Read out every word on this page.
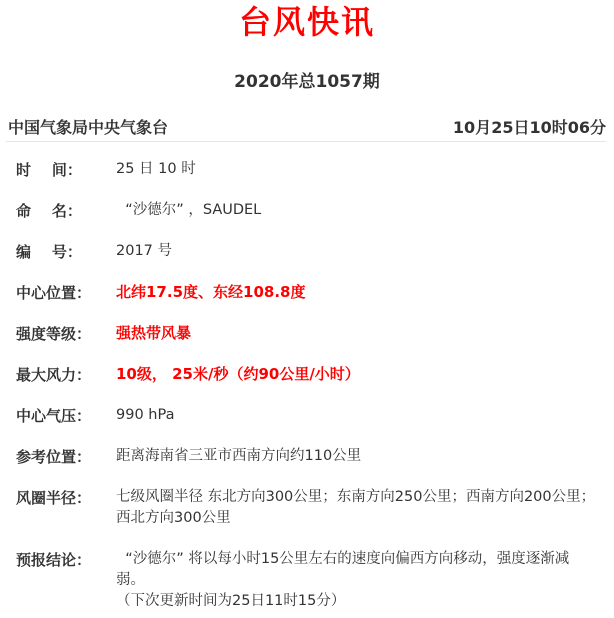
台风快讯
2020年总1057期
中国气象局中央气象台	10月25日10时06分
时    间：	25 日 10 时
命    名：	“沙德尔” ，SAUDEL
编    号：	2017 号
中心位置：	北纬17.5度、东经108.8度
强度等级：	强热带风暴
最大风力：	10级， 25米/秒（约90公里/小时）
中心气压：	990 hPa
参考位置：	距离海南省三亚市西南方向约110公里
风圈半径：	七级风圈半径 东北方向300公里；东南方向250公里；西南方向200公里；西北方向300公里
预报结论：	“沙德尔” 将以每小时15公里左右的速度向偏西方向移动，强度逐渐减弱。
（下次更新时间为25日11时15分）
